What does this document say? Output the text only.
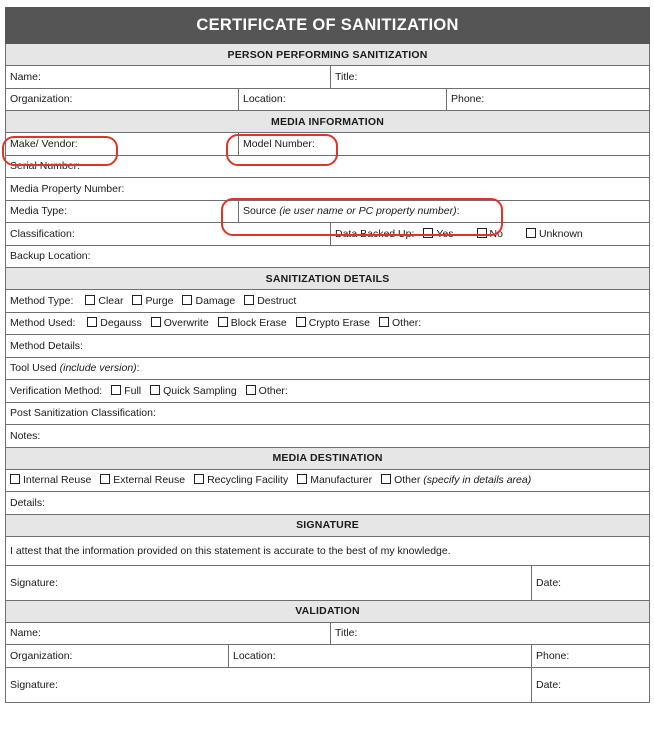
CERTIFICATE OF SANITIZATION					
PERSON PERFORMING SANITIZATION					
Name:			Title:		
Organization:		Location:		Phone:	
MEDIA INFORMATION					
Make/ Vendor:		Model Number:			
Serial Number:					
Media Property Number:					
Media Type:		Source (ie user name or PC property number):			
Classification:			Data Backed Up: Yes No Unknown		
Backup Location:					
SANITIZATION DETAILS					
Method Type: Clear Purge Damage Destruct					
Method Used: Degauss Overwrite Block Erase Crypto Erase Other:					
Method Details:					
Tool Used (include version):					
Verification Method: Full Quick Sampling Other:					
Post Sanitization Classification:					
Notes:					
MEDIA DESTINATION					
Internal Reuse External Reuse Recycling Facility Manufacturer Other (specify in details area)					
Details:					
SIGNATURE					
I attest that the information provided on this statement is accurate to the best of my knowledge.					
Signature:					Date:
VALIDATION					
Name:			Title:		
Organization:	Location:				Phone:
Signature:					Date:
